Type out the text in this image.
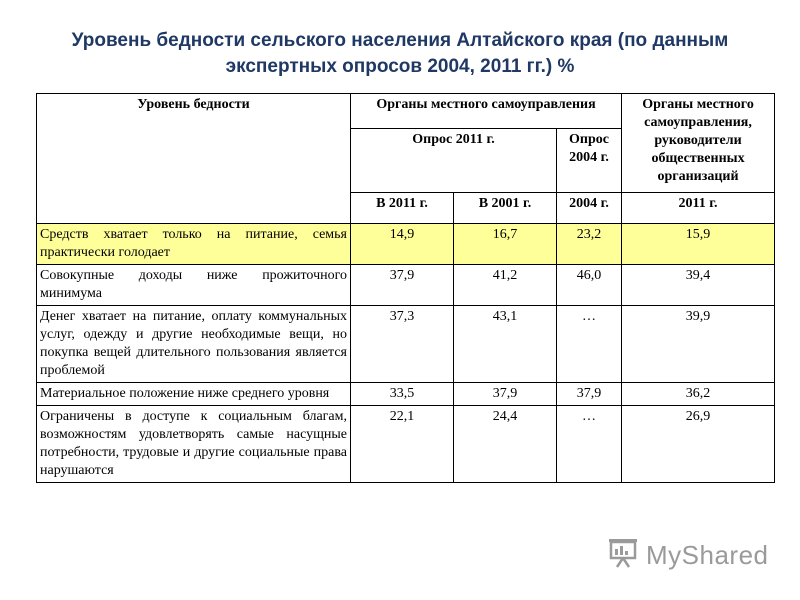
Уровень бедности сельского населения Алтайского края (по данным экспертных опросов 2004, 2011 гг.) %
Уровень бедности	Органы местного самоуправления			Органы местного самоуправления, руководители общественных организаций
	Опрос 2011 г.		Опрос 2004 г.	
	В 2011 г.	В 2001 г.	2004 г.	2011 г.
Средств хватает только на питание, семья практически голодает	14,9	16,7	23,2	15,9
Совокупные доходы ниже прожиточного минимума	37,9	41,2	46,0	39,4
Денег хватает на питание, оплату коммунальных услуг, одежду и другие необходимые вещи, но покупка вещей длительного пользования является проблемой	37,3	43,1	…	39,9
Материальное положение ниже среднего уровня	33,5	37,9	37,9	36,2
Ограничены в доступе к социальным благам, возможностям удовлетворять самые насущные потребности, трудовые и другие социальные права нарушаются	22,1	24,4	…	26,9
MyShared
